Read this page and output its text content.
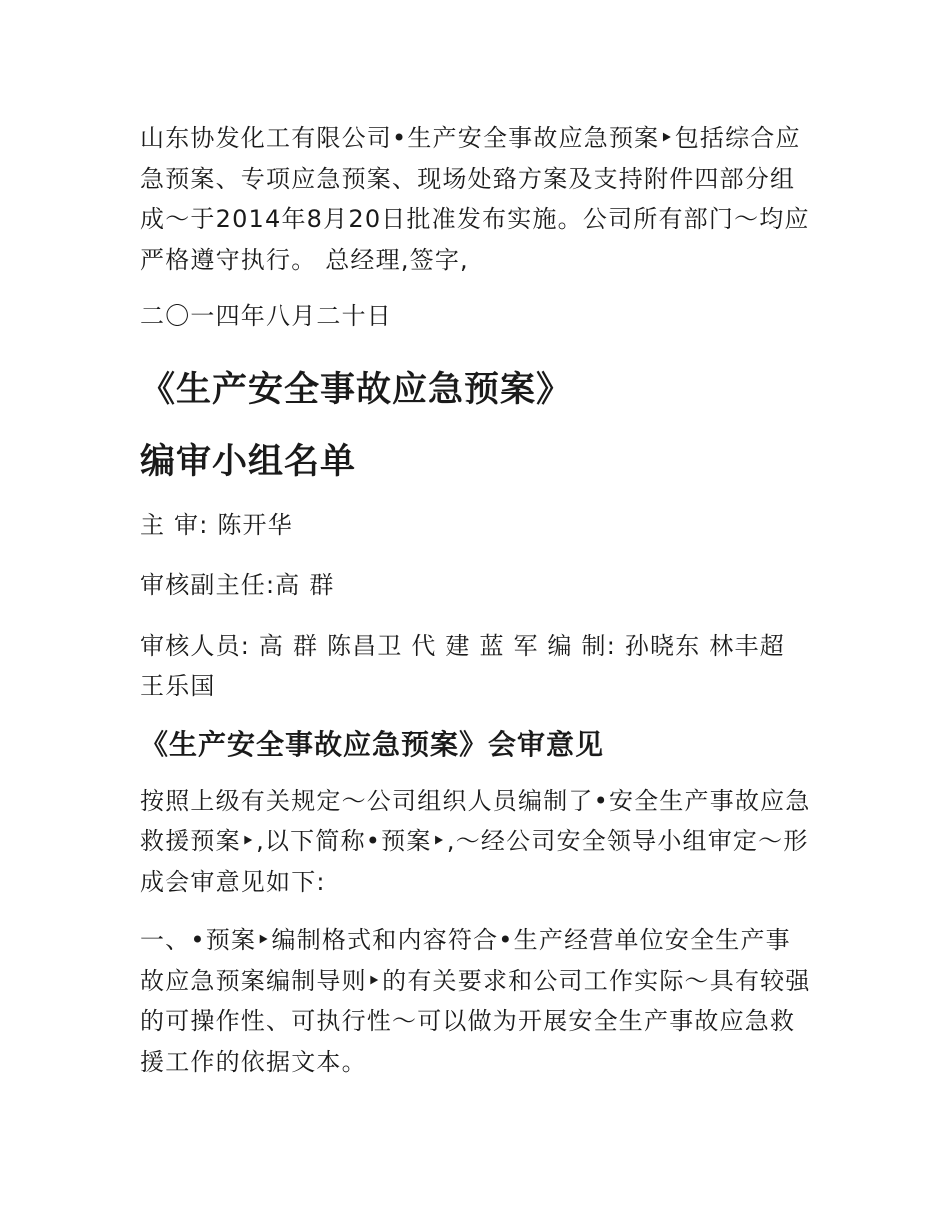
山东协发化工有限公司•生产安全事故应急预案‣包括综合应急预案、专项应急预案、现场处臵方案及支持附件四部分组成～于2014年8月20日批准发布实施。公司所有部门～均应严格遵守执行。 总经理,签字,

二〇一四年八月二十日

《生产安全事故应急预案》
编审小组名单

主 审: 陈开华

审核副主任:高 群

审核人员: 高 群 陈昌卫 代 建 蓝 军 编 制: 孙晓东 林丰超 王乐国

《生产安全事故应急预案》会审意见

按照上级有关规定～公司组织人员编制了•安全生产事故应急救援预案‣,以下简称•预案‣,～经公司安全领导小组审定～形成会审意见如下:

一、•预案‣编制格式和内容符合•生产经营单位安全生产事故应急预案编制导则‣的有关要求和公司工作实际～具有较强的可操作性、可执行性～可以做为开展安全生产事故应急救援工作的依据文本。
